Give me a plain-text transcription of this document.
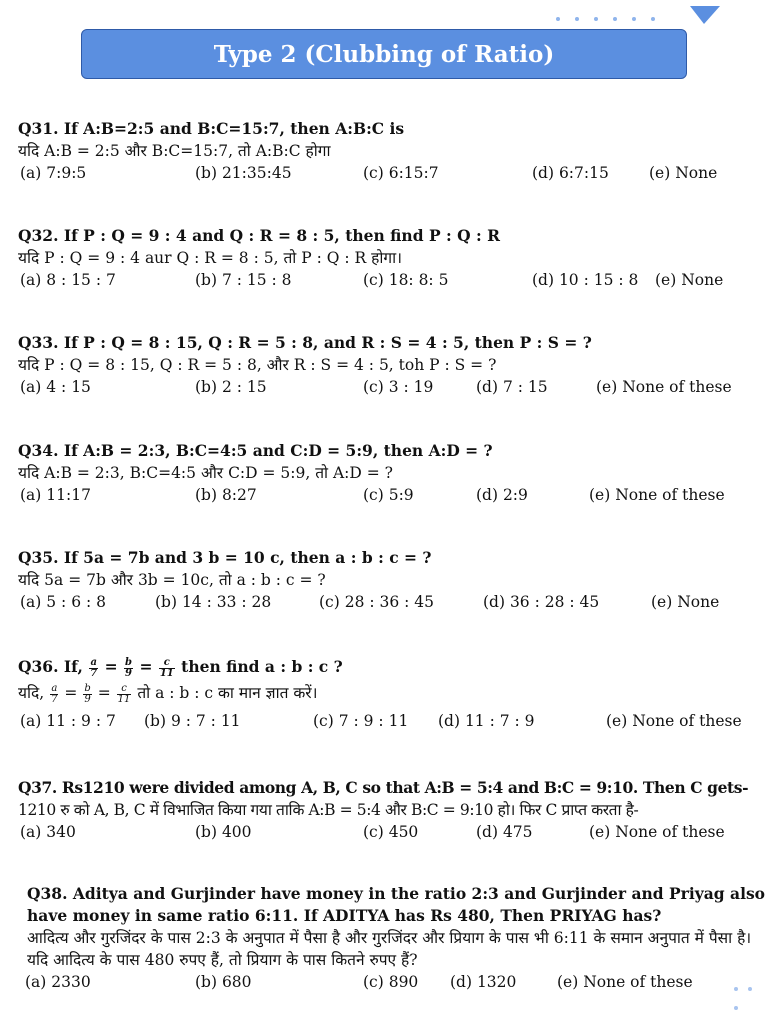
Type 2 (Clubbing of Ratio)
Q31. If A:B=2:5 and B:C=15:7, then A:B:C is
यदि A:B = 2:5 और B:C=15:7, तो A:B:C होगा
(a) 7:9:5	(b) 21:35:45	(c) 6:15:7	(d) 6:7:15	(e) None
Q32. If P : Q = 9 : 4 and Q : R = 8 : 5, then find P : Q : R
यदि P : Q = 9 : 4 aur Q : R = 8 : 5, तो P : Q : R होगा।
(a) 8 : 15 : 7	(b) 7 : 15 : 8	(c) 18: 8: 5	(d) 10 : 15 : 8 (e) None
Q33. If P : Q = 8 : 15, Q : R = 5 : 8, and R : S = 4 : 5, then P : S = ?
यदि P : Q = 8 : 15, Q : R = 5 : 8, और R : S = 4 : 5, toh P : S = ?
(a) 4 : 15	(b) 2 : 15	(c) 3 : 19	(d) 7 : 15	(e) None of these
Q34. If A:B = 2:3, B:C=4:5 and C:D = 5:9, then A:D = ?
यदि A:B = 2:3, B:C=4:5 और C:D = 5:9, तो A:D = ?
(a) 11:17	(b) 8:27	(c) 5:9	(d) 2:9	(e) None of these
Q35. If 5a = 7b and 3 b = 10 c, then a : b : c = ?
यदि 5a = 7b और 3b = 10c, तो a : b : c = ?
(a) 5 : 6 : 8	(b) 14 : 33 : 28	(c) 28 : 36 : 45	(d) 36 : 28 : 45	(e) None
Q36. If, $\frac{a}{7} = \frac{b}{9} = \frac{c}{11}$ then find a : b : c ?
यदि, $\frac{a}{7} = \frac{b}{9} = \frac{c}{11}$ तो a : b : c का मान ज्ञात करें।
(a) 11 : 9 : 7 (b) 9 : 7 : 11	(c) 7 : 9 : 11 (d) 11 : 7 : 9	(e) None of these
Q37. Rs1210 were divided among A, B, C so that A:B = 5:4 and B:C = 9:10. Then C gets-
1210 रु को A, B, C में विभाजित किया गया ताकि A:B = 5:4 और B:C = 9:10 हो। फिर C प्राप्त करता है-
(a) 340	(b) 400	(c) 450	(d) 475	(e) None of these
Q38. Aditya and Gurjinder have money in the ratio 2:3 and Gurjinder and Priyag also have money in same ratio 6:11. If ADITYA has Rs 480, Then PRIYAG has?
आदित्य और गुरजिंदर के पास 2:3 के अनुपात में पैसा है और गुरजिंदर और प्रियाग के पास भी 6:11 के समान अनुपात में पैसा है। यदि आदित्य के पास 480 रुपए हैं, तो प्रियाग के पास कितने रुपए हैं?
(a) 2330	(b) 680	(c) 890 (d) 1320	(e) None of these
